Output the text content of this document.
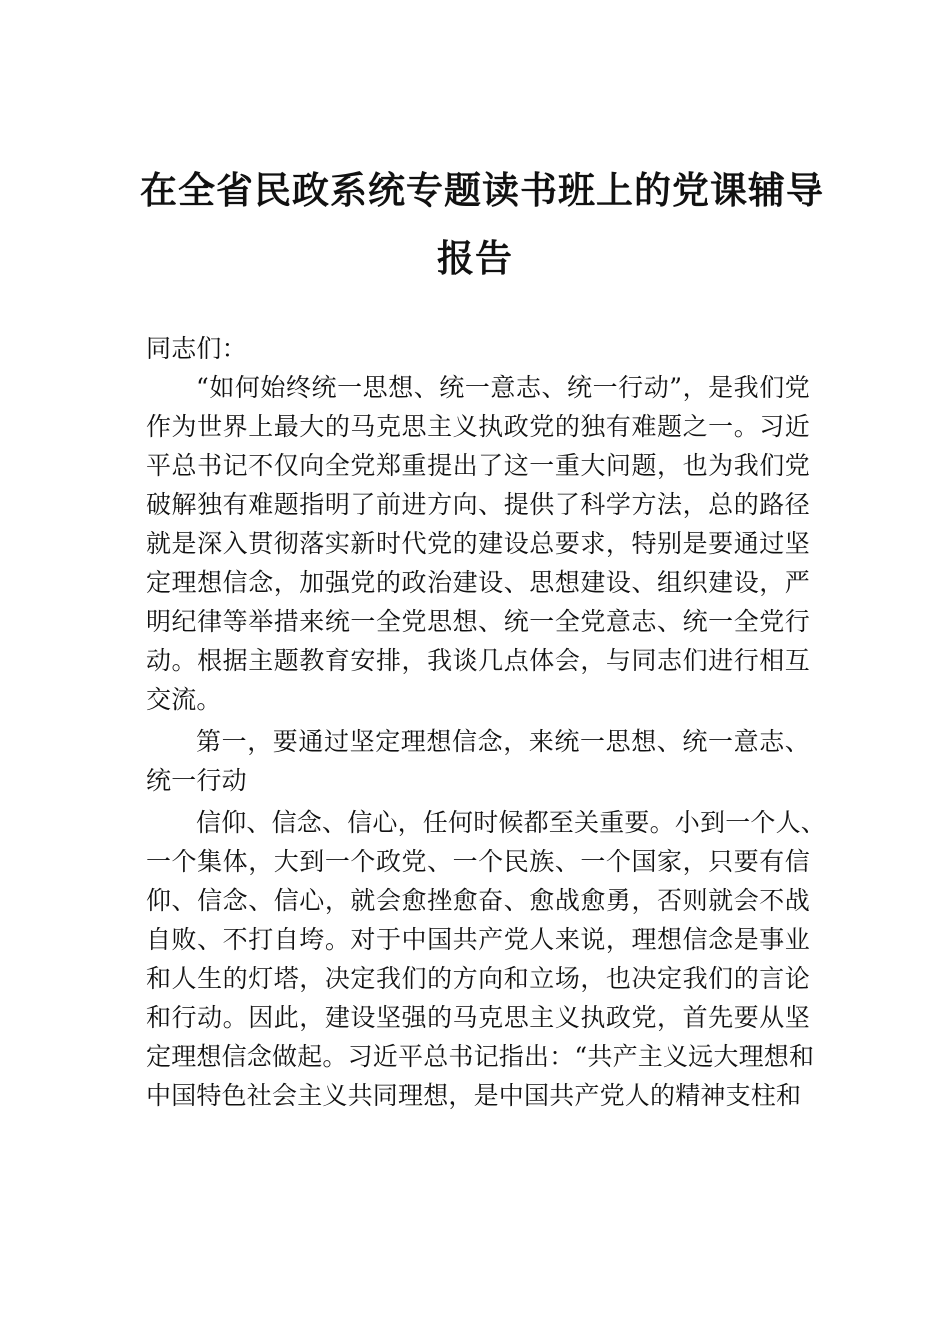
在全省民政系统专题读书班上的党课辅导
报告
同志们：
“如何始终统一思想、统一意志、统一行动”，是我们党
作为世界上最大的马克思主义执政党的独有难题之一。习近
平总书记不仅向全党郑重提出了这一重大问题，也为我们党
破解独有难题指明了前进方向、提供了科学方法，总的路径
就是深入贯彻落实新时代党的建设总要求，特别是要通过坚
定理想信念，加强党的政治建设、思想建设、组织建设，严
明纪律等举措来统一全党思想、统一全党意志、统一全党行
动。根据主题教育安排，我谈几点体会，与同志们进行相互
交流。
第一，要通过坚定理想信念，来统一思想、统一意志、
统一行动
信仰、信念、信心，任何时候都至关重要。小到一个人、
一个集体，大到一个政党、一个民族、一个国家，只要有信
仰、信念、信心，就会愈挫愈奋、愈战愈勇，否则就会不战
自败、不打自垮。对于中国共产党人来说，理想信念是事业
和人生的灯塔，决定我们的方向和立场，也决定我们的言论
和行动。因此，建设坚强的马克思主义执政党，首先要从坚
定理想信念做起。习近平总书记指出：“共产主义远大理想和
中国特色社会主义共同理想，是中国共产党人的精神支柱和
